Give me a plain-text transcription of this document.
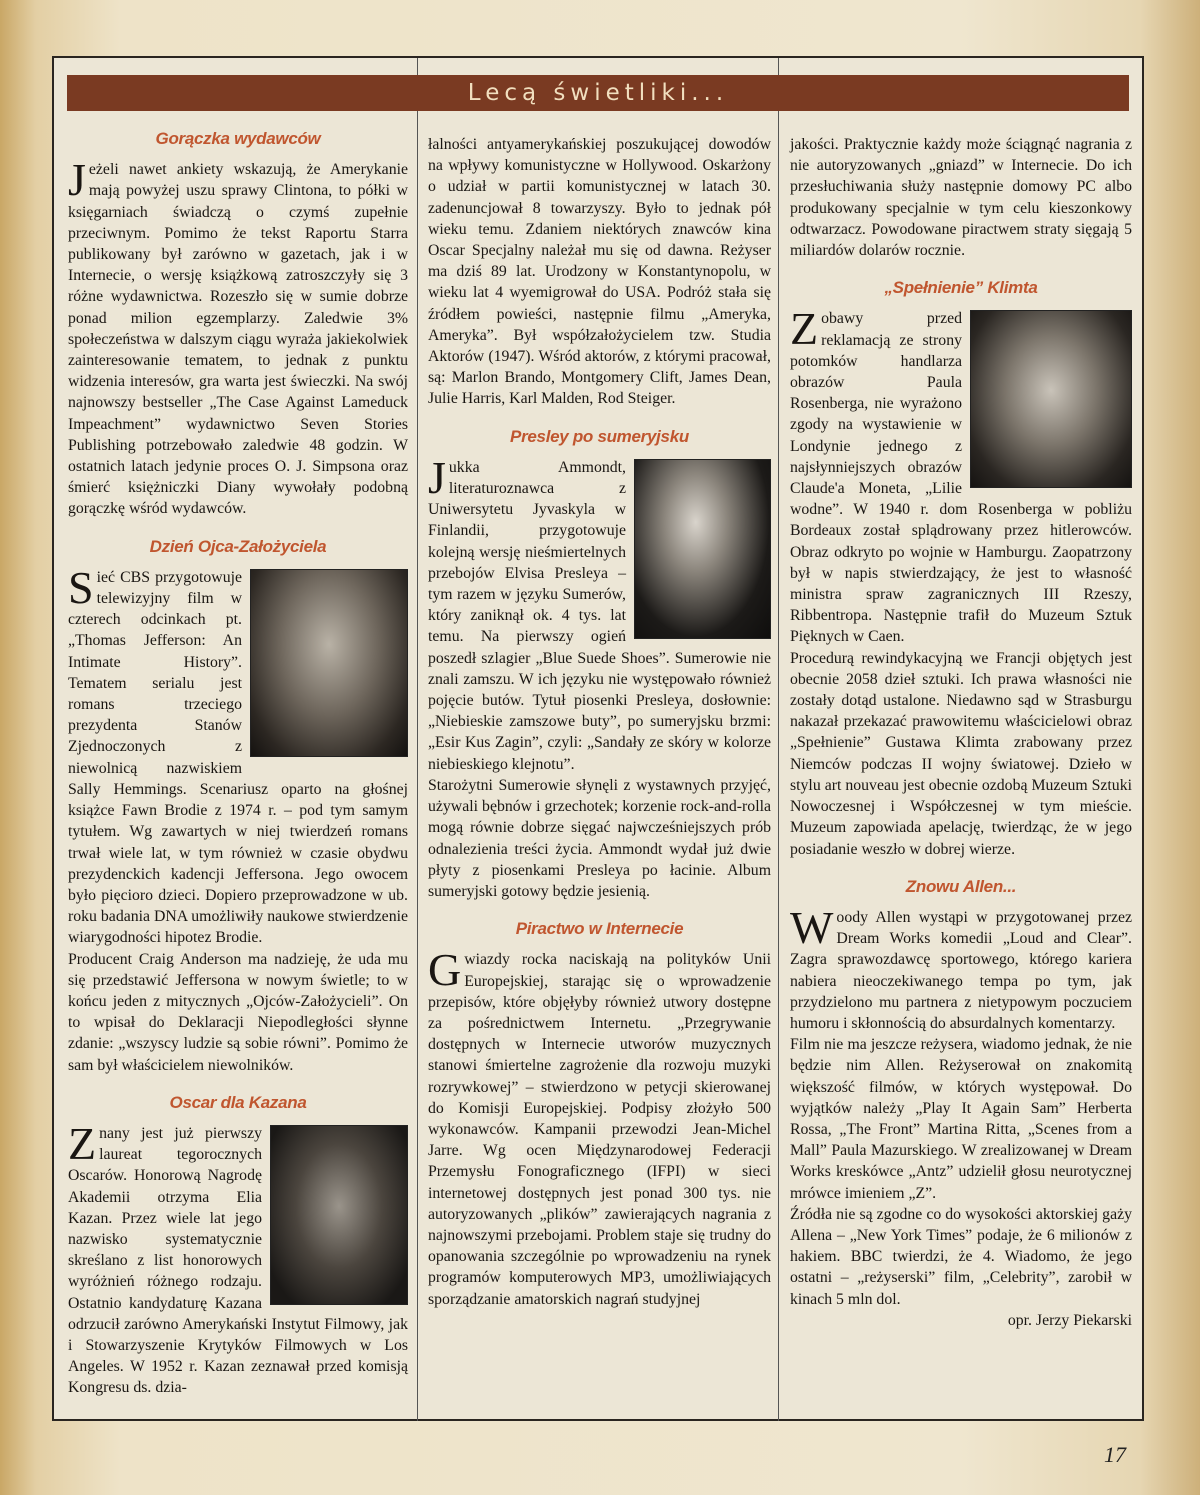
Lecą świetliki...
Gorączka wydawców

Jeżeli nawet ankiety wskazują, że Amerykanie mają powyżej uszu sprawy Clintona, to półki w księgarniach świadczą o czymś zupełnie przeciwnym. Pomimo że tekst Raportu Starra publikowany był zarówno w gazetach, jak i w Internecie, o wersję książkową zatroszczyły się 3 różne wydawnictwa. Rozeszło się w sumie dobrze ponad milion egzemplarzy. Zaledwie 3% społeczeństwa w dalszym ciągu wyraża jakiekolwiek zainteresowanie tematem, to jednak z punktu widzenia interesów, gra warta jest świeczki. Na swój najnowszy bestseller „The Case Against Lameduck Impeachment” wydawnictwo Seven Stories Publishing potrzebowało zaledwie 48 godzin. W ostatnich latach jedynie proces O. J. Simpsona oraz śmierć księżniczki Diany wywołały podobną gorączkę wśród wydawców.

Dzień Ojca-Założyciela

Sieć CBS przygotowuje telewizyjny film w czterech odcinkach pt. „Thomas Jefferson: An Intimate History”. Tematem serialu jest romans trzeciego prezydenta Stanów Zjednoczonych z niewolnicą nazwiskiem Sally Hemmings. Scenariusz oparto na głośnej książce Fawn Brodie z 1974 r. – pod tym samym tytułem. Wg zawartych w niej twierdzeń romans trwał wiele lat, w tym również w czasie obydwu prezydenckich kadencji Jeffersona. Jego owocem było pięcioro dzieci. Dopiero przeprowadzone w ub. roku badania DNA umożliwiły naukowe stwierdzenie wiarygodności hipotez Brodie.

Producent Craig Anderson ma nadzieję, że uda mu się przedstawić Jeffersona w nowym świetle; to w końcu jeden z mitycznych „Ojców-Założycieli”. On to wpisał do Deklaracji Niepodległości słynne zdanie: „wszyscy ludzie są sobie równi”. Pomimo że sam był właścicielem niewolników.

Oscar dla Kazana

Znany jest już pierwszy laureat tegorocznych Oscarów. Honorową Nagrodę Akademii otrzyma Elia Kazan. Przez wiele lat jego nazwisko systematycznie skreślano z list honorowych wyróżnień różnego rodzaju. Ostatnio kandydaturę Kazana odrzucił zarówno Amerykański Instytut Filmowy, jak i Stowarzyszenie Krytyków Filmowych w Los Angeles. W 1952 r. Kazan zeznawał przed komisją Kongresu ds. dzia-

łalności antyamerykańskiej poszukującej dowodów na wpływy komunistyczne w Hollywood. Oskarżony o udział w partii komunistycznej w latach 30. zadenuncjował 8 towarzyszy. Było to jednak pół wieku temu. Zdaniem niektórych znawców kina Oscar Specjalny należał mu się od dawna. Reżyser ma dziś 89 lat. Urodzony w Konstantynopolu, w wieku lat 4 wyemigrował do USA. Podróż stała się źródłem powieści, następnie filmu „Ameryka, Ameryka”. Był współzałożycielem tzw. Studia Aktorów (1947). Wśród aktorów, z którymi pracował, są: Marlon Brando, Montgomery Clift, James Dean, Julie Harris, Karl Malden, Rod Steiger.

Presley po sumeryjsku

Jukka Ammondt, literaturoznawca z Uniwersytetu Jyvaskyla w Finlandii, przygotowuje kolejną wersję nieśmiertelnych przebojów Elvisa Presleya – tym razem w języku Sumerów, który zaniknął ok. 4 tys. lat temu. Na pierwszy ogień poszedł szlagier „Blue Suede Shoes”. Sumerowie nie znali zamszu. W ich języku nie występowało również pojęcie butów. Tytuł piosenki Presleya, dosłownie: „Niebieskie zamszowe buty”, po sumeryjsku brzmi: „Esir Kus Zagin”, czyli: „Sandały ze skóry w kolorze niebieskiego klejnotu”.

Starożytni Sumerowie słynęli z wystawnych przyjęć, używali bębnów i grzechotek; korzenie rock-and-rolla mogą równie dobrze sięgać najwcześniejszych prób odnalezienia treści życia. Ammondt wydał już dwie płyty z piosenkami Presleya po łacinie. Album sumeryjski gotowy będzie jesienią.

Piractwo w Internecie

Gwiazdy rocka naciskają na polityków Unii Europejskiej, starając się o wprowadzenie przepisów, które objęłyby również utwory dostępne za pośrednictwem Internetu. „Przegrywanie dostępnych w Internecie utworów muzycznych stanowi śmiertelne zagrożenie dla rozwoju muzyki rozrywkowej” – stwierdzono w petycji skierowanej do Komisji Europejskiej. Podpisy złożyło 500 wykonawców. Kampanii przewodzi Jean-Michel Jarre. Wg ocen Międzynarodowej Federacji Przemysłu Fonograficznego (IFPI) w sieci internetowej dostępnych jest ponad 300 tys. nie autoryzowanych „plików” zawierających nagrania z najnowszymi przebojami. Problem staje się trudny do opanowania szczególnie po wprowadzeniu na rynek programów komputerowych MP3, umożliwiających sporządzanie amatorskich nagrań studyjnej

jakości. Praktycznie każdy może ściągnąć nagrania z nie autoryzowanych „gniazd” w Internecie. Do ich przesłuchiwania służy następnie domowy PC albo produkowany specjalnie w tym celu kieszonkowy odtwarzacz. Powodowane piractwem straty sięgają 5 miliardów dolarów rocznie.

„Spełnienie” Klimta

Zobawy przed reklamacją ze strony potomków handlarza obrazów Paula Rosenberga, nie wyrażono zgody na wystawienie w Londynie jednego z najsłynniejszych obrazów Claude'a Moneta, „Lilie wodne”. W 1940 r. dom Rosenberga w pobliżu Bordeaux został splądrowany przez hitlerowców. Obraz odkryto po wojnie w Hamburgu. Zaopatrzony był w napis stwierdzający, że jest to własność ministra spraw zagranicznych III Rzeszy, Ribbentropa. Następnie trafił do Muzeum Sztuk Pięknych w Caen.

Procedurą rewindykacyjną we Francji objętych jest obecnie 2058 dzieł sztuki. Ich prawa własności nie zostały dotąd ustalone. Niedawno sąd w Strasburgu nakazał przekazać prawowitemu właścicielowi obraz „Spełnienie” Gustawa Klimta zrabowany przez Niemców podczas II wojny światowej. Dzieło w stylu art nouveau jest obecnie ozdobą Muzeum Sztuki Nowoczesnej i Współczesnej w tym mieście. Muzeum zapowiada apelację, twierdząc, że w jego posiadanie weszło w dobrej wierze.

Znowu Allen...

Woody Allen wystąpi w przygotowanej przez Dream Works komedii „Loud and Clear”. Zagra sprawozdawcę sportowego, którego kariera nabiera nieoczekiwanego tempa po tym, jak przydzielono mu partnera z nietypowym poczuciem humoru i skłonnością do absurdalnych komentarzy.

Film nie ma jeszcze reżysera, wiadomo jednak, że nie będzie nim Allen. Reżyserował on znakomitą większość filmów, w których występował. Do wyjątków należy „Play It Again Sam” Herberta Rossa, „The Front” Martina Ritta, „Scenes from a Mall” Paula Mazurskiego. W zrealizowanej w Dream Works kreskówce „Antz” udzielił głosu neurotycznej mrówce imieniem „Z”.

Źródła nie są zgodne co do wysokości aktorskiej gaży Allena – „New York Times” podaje, że 6 milionów z hakiem. BBC twierdzi, że 4. Wiadomo, że jego ostatni – „reżyserski” film, „Celebrity”, zarobił w kinach 5 mln dol.

opr. Jerzy Piekarski

17
